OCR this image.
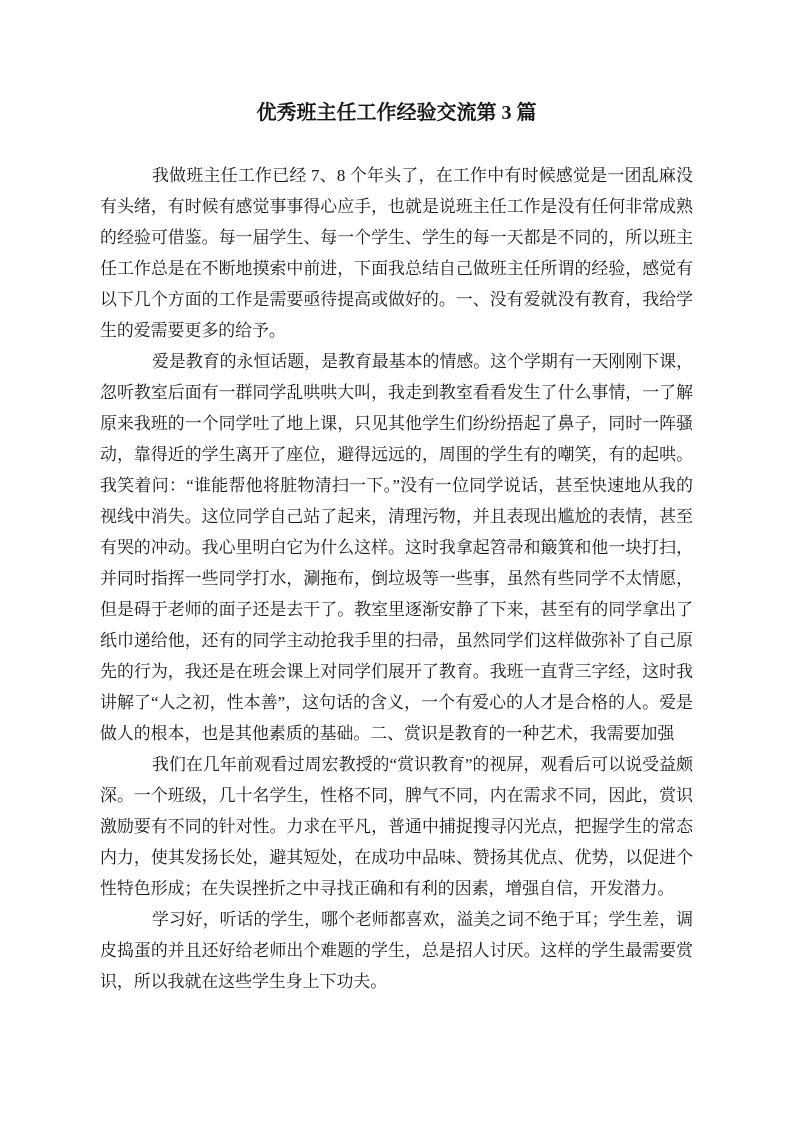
优秀班主任工作经验交流第 3 篇

我做班主任工作已经 7、8 个年头了，在工作中有时候感觉是一团乱麻没有头绪，有时候有感觉事事得心应手，也就是说班主任工作是没有任何非常成熟的经验可借鉴。每一届学生、每一个学生、学生的每一天都是不同的，所以班主任工作总是在不断地摸索中前进，下面我总结自己做班主任所谓的经验，感觉有以下几个方面的工作是需要亟待提高或做好的。一、没有爱就没有教育，我给学生的爱需要更多的给予。

爱是教育的永恒话题，是教育最基本的情感。这个学期有一天刚刚下课，忽听教室后面有一群同学乱哄哄大叫，我走到教室看看发生了什么事情，一了解原来我班的一个同学吐了地上课，只见其他学生们纷纷捂起了鼻子，同时一阵骚动，靠得近的学生离开了座位，避得远远的，周围的学生有的嘲笑，有的起哄。我笑着问：“谁能帮他将脏物清扫一下。”没有一位同学说话，甚至快速地从我的视线中消失。这位同学自己站了起来，清理污物，并且表现出尴尬的表情，甚至有哭的冲动。我心里明白它为什么这样。这时我拿起笤帚和簸箕和他一块打扫，并同时指挥一些同学打水，涮拖布，倒垃圾等一些事，虽然有些同学不太情愿，但是碍于老师的面子还是去干了。教室里逐渐安静了下来，甚至有的同学拿出了纸巾递给他，还有的同学主动抢我手里的扫帚，虽然同学们这样做弥补了自己原先的行为，我还是在班会课上对同学们展开了教育。我班一直背三字经，这时我讲解了“人之初，性本善”，这句话的含义，一个有爱心的人才是合格的人。爱是做人的根本，也是其他素质的基础。二、赏识是教育的一种艺术，我需要加强

我们在几年前观看过周宏教授的“赏识教育”的视屏，观看后可以说受益颇深。一个班级，几十名学生，性格不同，脾气不同，内在需求不同，因此，赏识激励要有不同的针对性。力求在平凡，普通中捕捉搜寻闪光点，把握学生的常态内力，使其发扬长处，避其短处，在成功中品味、赞扬其优点、优势，以促进个性特色形成；在失误挫折之中寻找正确和有利的因素，增强自信，开发潜力。

学习好，听话的学生，哪个老师都喜欢，溢美之词不绝于耳；学生差，调皮捣蛋的并且还好给老师出个难题的学生，总是招人讨厌。这样的学生最需要赏识，所以我就在这些学生身上下功夫。
